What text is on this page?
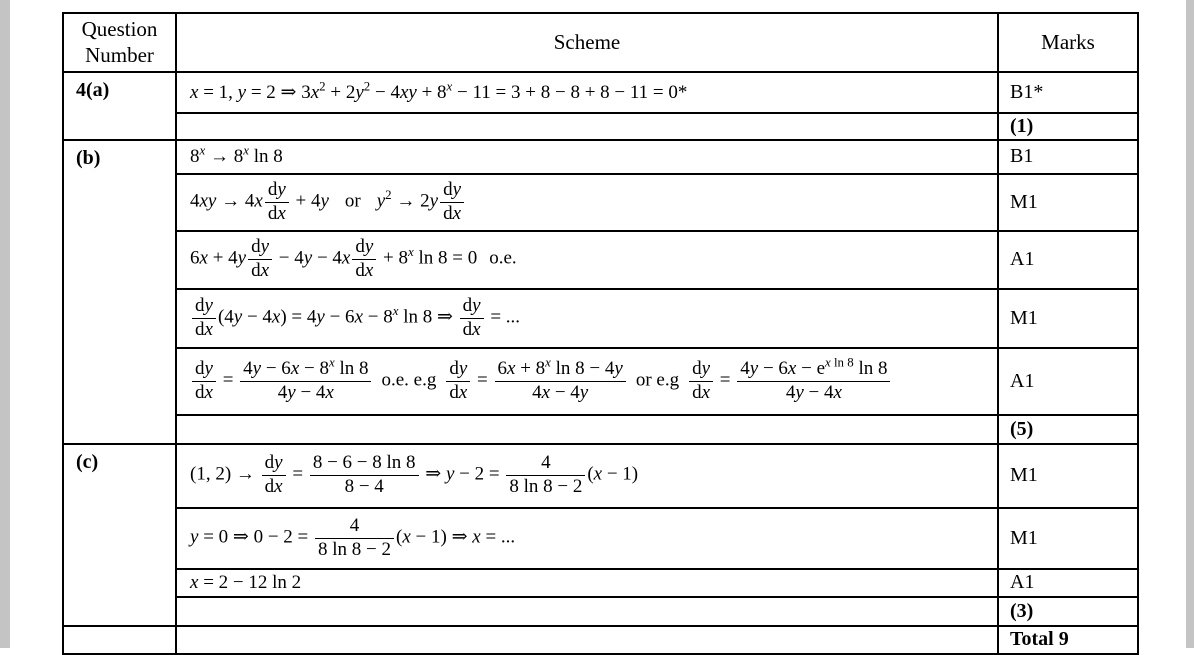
Question Number	Scheme	Marks
4(a)	x = 1, y = 2 ⇒ $3x^2 + 2y^2 - 4xy + 8^x - 11 = 3 + 8 - 8 + 8 - 11 = 0*$	B1*
		(1)
(b)	$8^x \to 8^x$ ln 8	B1
$4xy \to 4x \frac{dy}{dx} + 4y$ or $y^2 \to 2y \frac{dy}{dx}$	M1
$6x + 4y \frac{dy}{dx} - 4y - 4x \frac{dy}{dx} + 8^x$ ln 8 = 0 o.e.	A1

$\frac{dy}{dx} (4y - 4x) = 4y - 6x - 8^x$ ln 8 ⇒ $\frac{dy}{dx}$ = ...	M1

$\frac{dy}{dx} = \frac{4y - 6x - 8^x \ln 8}{4y - 4x} o.e$. $e.g \frac{dy}{dx} = \frac{6x + 8^x \ln 8 - 4y}{4x - 4y}$ or $e.g \frac{dy}{dx} = \frac{4y - 6x - e^{x ln 8} \ln 8}{4y - 4x}$	A1
		(5)
(c)	(1, $2) \to \frac{dy}{dx} = \frac{8 - 6 - 8 \ln 8}{8 - 4}$ ⇒ $y - 2 = \frac{4}{8 \ln 8 - 2} (x - 1)$	M1
	y = 0 ⇒ $0 - 2 = \frac{4}{8 \ln 8 - 2} (x - 1)$ ⇒ x = ...	M1
	x = 2 − 12 ln 2	A1
		(3)
		Total 9
